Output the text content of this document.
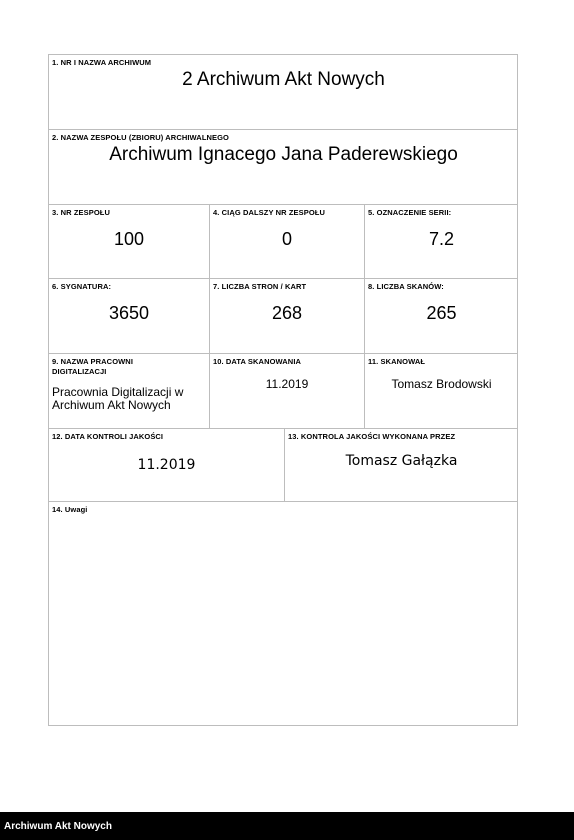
1. NR I NAZWA ARCHIWUM
2 Archiwum Akt Nowych
2. NAZWA ZESPOŁU (ZBIORU) ARCHIWALNEGO
Archiwum Ignacego Jana Paderewskiego
3. NR ZESPOŁU
100
4. CIĄG DALSZY NR ZESPOŁU
0
5. OZNACZENIE SERII:
7.2
6. SYGNATURA:
3650
7. LICZBA STRON / KART
268
8. LICZBA SKANÓW:
265
9. NAZWA PRACOWNI
DIGITALIZACJI
Pracownia Digitalizacji w
Archiwum Akt Nowych
10. DATA SKANOWANIA
11.2019
11. SKANOWAŁ
Tomasz Brodowski
12. DATA KONTROLI JAKOŚCI
11.2019
13. KONTROLA JAKOŚCI WYKONANA PRZEZ
Tomasz Gałązka
14. Uwagi
Archiwum Akt Nowych
